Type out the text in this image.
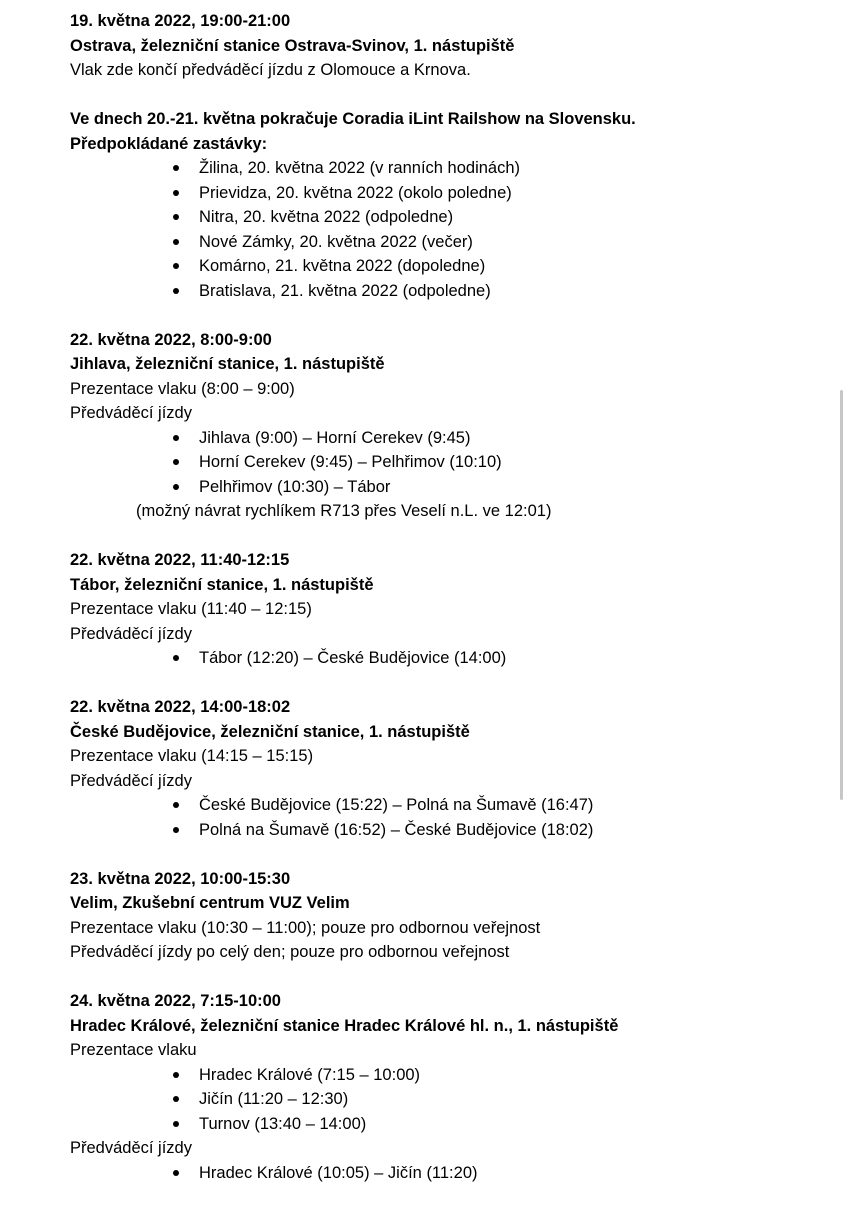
19. května 2022, 19:00-21:00
Ostrava, železniční stanice Ostrava-Svinov, 1. nástupiště
Vlak zde končí předváděcí jízdu z Olomouce a Krnova.
Ve dnech 20.-21. května pokračuje Coradia iLint Railshow na Slovensku.
Předpokládané zastávky:
Žilina, 20. května 2022 (v ranních hodinách)
Prievidza, 20. května 2022 (okolo poledne)
Nitra, 20. května 2022 (odpoledne)
Nové Zámky, 20. května 2022 (večer)
Komárno, 21. května 2022 (dopoledne)
Bratislava, 21. května 2022 (odpoledne)
22. května 2022, 8:00-9:00
Jihlava, železniční stanice, 1. nástupiště
Prezentace vlaku (8:00 – 9:00)
Předváděcí jízdy
Jihlava (9:00) – Horní Cerekev (9:45)
Horní Cerekev (9:45) – Pelhřimov (10:10)
Pelhřimov (10:30) – Tábor
(možný návrat rychlíkem R713 přes Veselí n.L. ve 12:01)
22. května 2022, 11:40-12:15
Tábor, železniční stanice, 1. nástupiště
Prezentace vlaku (11:40 – 12:15)
Předváděcí jízdy
Tábor (12:20) – České Budějovice (14:00)
22. května 2022, 14:00-18:02
České Budějovice, železniční stanice, 1. nástupiště
Prezentace vlaku (14:15 – 15:15)
Předváděcí jízdy
České Budějovice (15:22) – Polná na Šumavě (16:47)
Polná na Šumavě (16:52) – České Budějovice (18:02)
23. května 2022, 10:00-15:30
Velim, Zkušební centrum VUZ Velim
Prezentace vlaku (10:30 – 11:00); pouze pro odbornou veřejnost
Předváděcí jízdy po celý den; pouze pro odbornou veřejnost
24. května 2022, 7:15-10:00
Hradec Králové, železniční stanice Hradec Králové hl. n., 1. nástupiště
Prezentace vlaku
Hradec Králové (7:15 – 10:00)
Jičín (11:20 – 12:30)
Turnov (13:40 – 14:00)
Předváděcí jízdy
Hradec Králové (10:05) – Jičín (11:20)
